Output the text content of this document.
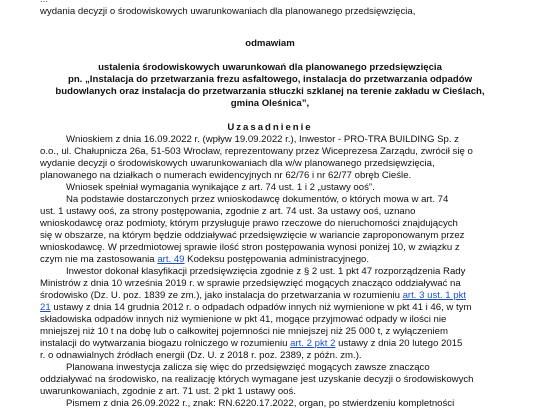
wydania decyzji o środowiskowych uwarunkowaniach dla planowanego przedsięwzięcia,
odmawiam
ustalenia środowiskowych uwarunkowań dla planowanego przedsięwzięcia
pn. „Instalacja do przetwarzania frezu asfaltowego, instalacja do przetwarzania odpadów
budowlanych oraz instalacja do przetwarzania stłuczki szklanej na terenie zakładu w Cieślach,
gmina Oleśnica”,
Uzasadnienie
Wnioskiem z dnia 16.09.2022 r. (wpływ 19.09.2022 r.), Inwestor - PRO-TRA BUILDING Sp. z
o.o., ul. Chałupnicza 26a, 51-503 Wrocław, reprezentowany przez Wiceprezesa Zarządu, zwrócił się o
wydanie decyzji o środowiskowych uwarunkowaniach dla w/w planowanego przedsięwzięcia,
planowanego na działkach o numerach ewidencyjnych nr 62/76 i nr 62/77 obręb Cieśle.
Wniosek spełniał wymagania wynikające z art. 74 ust. 1 i 2 „ustawy ooś”.
Na podstawie dostarczonych przez wnioskodawcę dokumentów, o których mowa w art. 74
ust. 1 ustawy ooś, za strony postępowania, zgodnie z art. 74 ust. 3a ustawy ooś, uznano
wnioskodawcę oraz podmioty, którym przysługuje prawo rzeczowe do nieruchomości znajdujących
się w obszarze, na którym będzie oddziaływać przedsięwzięcie w wariancie zaproponowanym przez
wnioskodawcę. W przedmiotowej sprawie ilość stron postępowania wynosi poniżej 10, w związku z
czym nie ma zastosowania art. 49 Kodeksu postępowania administracyjnego.
Inwestor dokonał klasyfikacji przedsięwzięcia zgodnie z § 2 ust. 1 pkt 47 rozporządzenia Rady
Ministrów z dnia 10 września 2019 r. w sprawie przedsięwzięć mogących znacząco oddziaływać na
środowisko (Dz. U. poz. 1839 ze zm.), jako instalacja do przetwarzania w rozumieniu art. 3 ust. 1 pkt
21 ustawy z dnia 14 grudnia 2012 r. o odpadach odpadów innych niż wymienione w pkt 41 i 46, w tym
składowiska odpadów innych niż wymienione w pkt 41, mogące przyjmować odpady w ilości nie
mniejszej niż 10 t na dobę lub o całkowitej pojemności nie mniejszej niż 25 000 t, z wyłączeniem
instalacji do wytwarzania biogazu rolniczego w rozumieniu art. 2 pkt 2 ustawy z dnia 20 lutego 2015
r. o odnawialnych źródłach energii (Dz. U. z 2018 r. poz. 2389, z późn. zm.).
Planowana inwestycja zalicza się więc do przedsięwzięć mogących zawsze znacząco
oddziaływać na środowisko, na realizację których wymagane jest uzyskanie decyzji o środowiskowych
uwarunkowaniach, zgodnie z art. 71 ust. 2 pkt 1 ustawy ooś.
Pismem z dnia 26.09.2022 r., znak: RN.6220.17.2022, organ, po stwierdzeniu kompletności
